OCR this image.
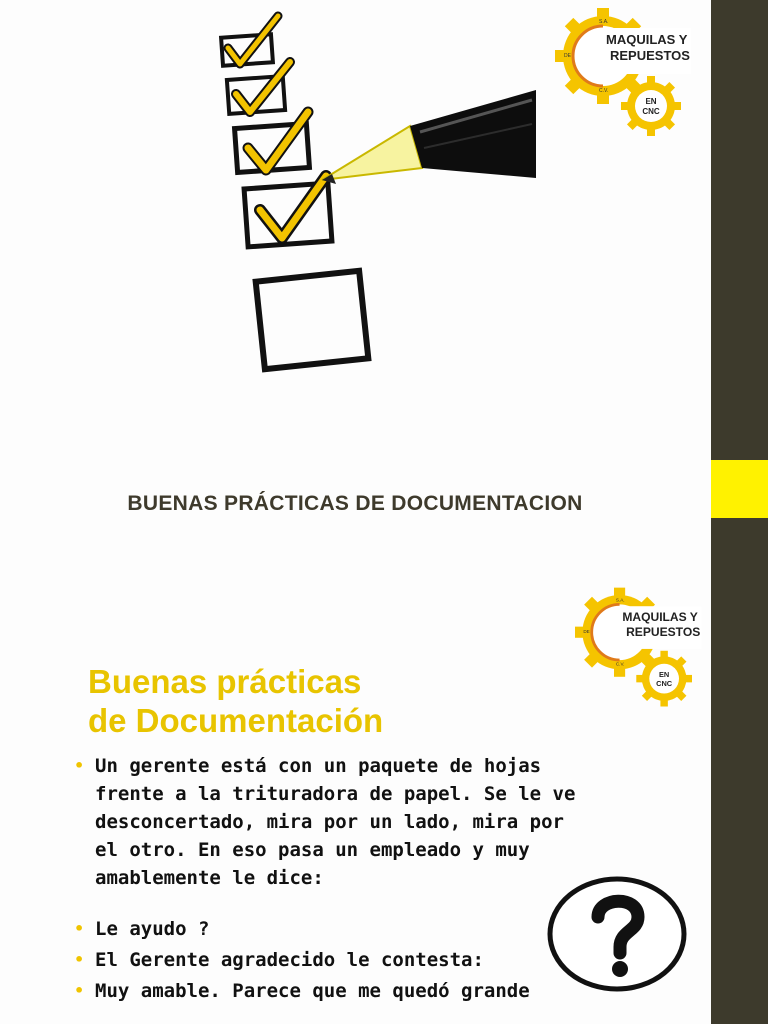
MAQUILAS Y
REPUESTOS
S.A.
DE
C.V.
EN
CNC
BUENAS PRÁCTICAS DE DOCUMENTACION
MAQUILAS Y
REPUESTOS
S.A.
DE
C.V.
EN
CNC
Buenas prácticas
de Documentación
• Un gerente está con un paquete de hojas
frente a la trituradora de papel. Se le ve
desconcertado, mira por un lado, mira por
el otro. En eso pasa un empleado y muy
amablemente le dice:
• Le ayudo ?
• El Gerente agradecido le contesta:
• Muy amable. Parece que me quedó grande
